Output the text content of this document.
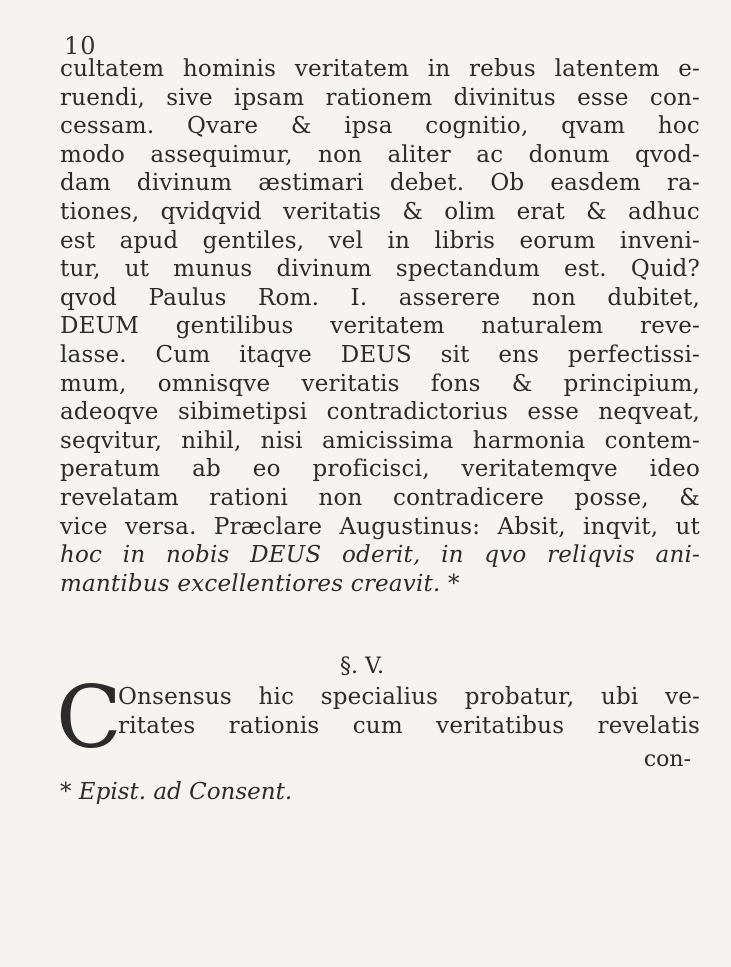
10
cultatem hominis veritatem in rebus latentem e-
ruendi, sive ipsam rationem divinitus esse con-
cessam. Qvare & ipsa cognitio, qvam hoc
modo assequimur, non aliter ac donum qvod-
dam divinum æstimari debet. Ob easdem ra-
tiones, qvidqvid veritatis & olim erat & adhuc
est apud gentiles, vel in libris eorum inveni-
tur, ut munus divinum spectandum est. Quid?
qvod Paulus Rom. I. asserere non dubitet,
DEUM gentilibus veritatem naturalem reve-
lasse. Cum itaqve DEUS sit ens perfectissi-
mum, omnisqve veritatis fons & principium,
adeoqve sibimetipsi contradictorius esse neqveat,
seqvitur, nihil, nisi amicissima harmonia contem-
peratum ab eo proficisci, veritatemqve ideo
revelatam rationi non contradicere posse, &
vice versa. Præclare Augustinus: Absit, inqvit, ut
hoc in nobis DEUS oderit, in qvo reliqvis ani-
mantibus excellentiores creavit. *
§. V.
C
Onsensus hic specialius probatur, ubi ve-
ritates rationis cum veritatibus revelatis
con-
* Epist. ad Consent.
